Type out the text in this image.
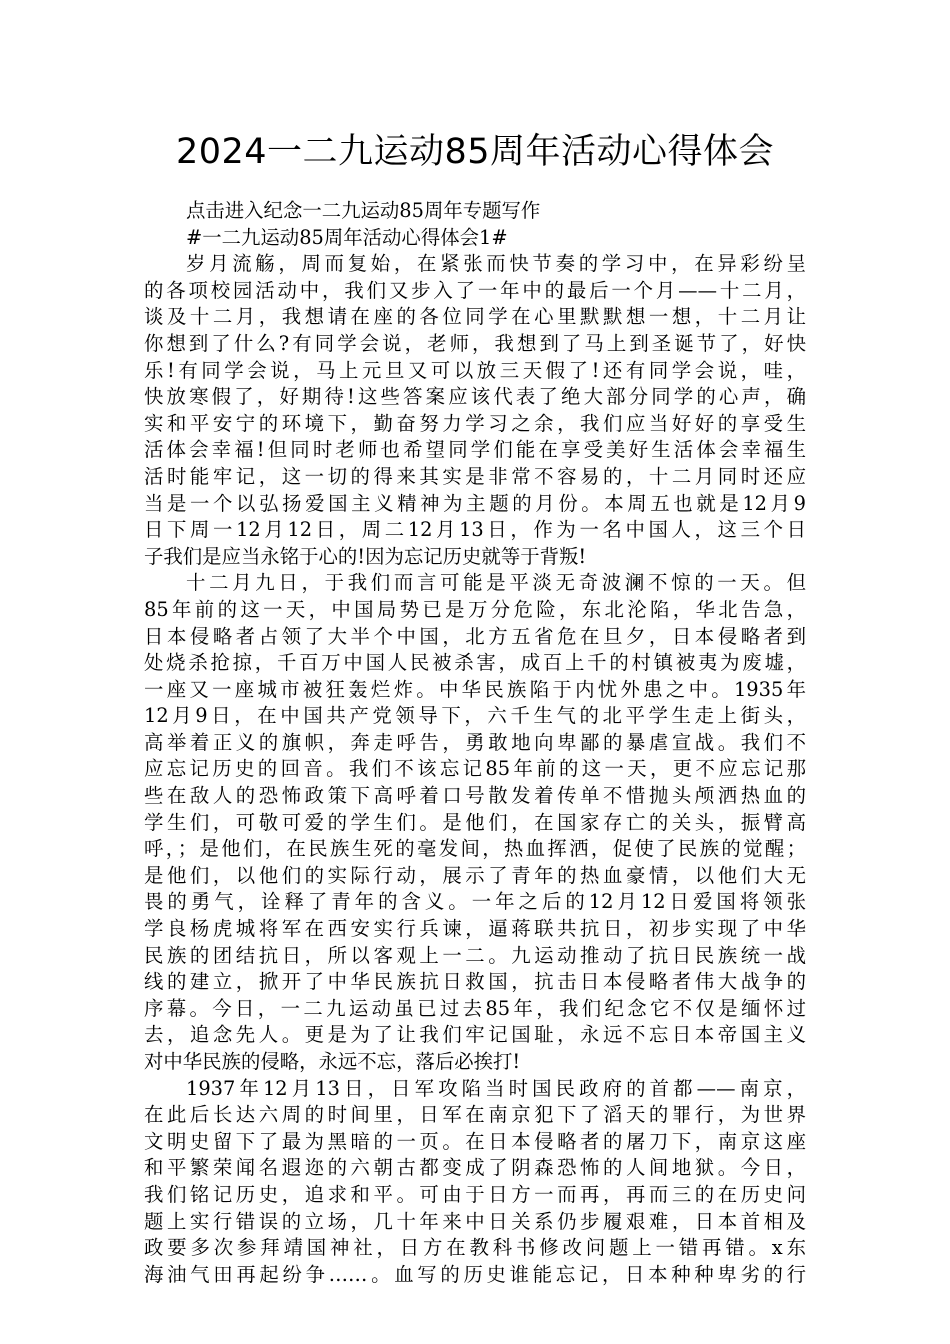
2024一二九运动85周年活动心得体会
点击进入纪念一二九运动85周年专题写作
#一二九运动85周年活动心得体会1#
岁月流觞，周而复始，在紧张而快节奏的学习中，在异彩纷呈
的各项校园活动中，我们又步入了一年中的最后一个月——十二月，
谈及十二月，我想请在座的各位同学在心里默默想一想，十二月让
你想到了什么?有同学会说，老师，我想到了马上到圣诞节了，好快
乐!有同学会说，马上元旦又可以放三天假了!还有同学会说，哇，
快放寒假了，好期待!这些答案应该代表了绝大部分同学的心声，确
实和平安宁的环境下，勤奋努力学习之余，我们应当好好的享受生
活体会幸福!但同时老师也希望同学们能在享受美好生活体会幸福生
活时能牢记，这一切的得来其实是非常不容易的，十二月同时还应
当是一个以弘扬爱国主义精神为主题的月份。本周五也就是12月9
日下周一12月12日，周二12月13日，作为一名中国人，这三个日
子我们是应当永铭于心的!因为忘记历史就等于背叛!
十二月九日，于我们而言可能是平淡无奇波澜不惊的一天。但
85年前的这一天，中国局势已是万分危险，东北沦陷，华北告急，
日本侵略者占领了大半个中国，北方五省危在旦夕，日本侵略者到
处烧杀抢掠，千百万中国人民被杀害，成百上千的村镇被夷为废墟，
一座又一座城市被狂轰烂炸。中华民族陷于内忧外患之中。1935年
12月9日，在中国共产党领导下，六千生气的北平学生走上街头，
高举着正义的旗帜，奔走呼告，勇敢地向卑鄙的暴虐宣战。我们不
应忘记历史的回音。我们不该忘记85年前的这一天，更不应忘记那
些在敌人的恐怖政策下高呼着口号散发着传单不惜抛头颅洒热血的
学生们，可敬可爱的学生们。是他们，在国家存亡的关头，振臂高
呼，；是他们，在民族生死的毫发间，热血挥洒，促使了民族的觉醒；
是他们，以他们的实际行动，展示了青年的热血豪情，以他们大无
畏的勇气，诠释了青年的含义。一年之后的12月12日爱国将领张
学良杨虎城将军在西安实行兵谏，逼蒋联共抗日，初步实现了中华
民族的团结抗日，所以客观上一二。九运动推动了抗日民族统一战
线的建立，掀开了中华民族抗日救国，抗击日本侵略者伟大战争的
序幕。今日，一二九运动虽已过去85年，我们纪念它不仅是缅怀过
去，追念先人。更是为了让我们牢记国耻，永远不忘日本帝国主义
对中华民族的侵略，永远不忘，落后必挨打!
1937年12月13日，日军攻陷当时国民政府的首都——南京，
在此后长达六周的时间里，日军在南京犯下了滔天的罪行，为世界
文明史留下了最为黑暗的一页。在日本侵略者的屠刀下，南京这座
和平繁荣闻名遐迩的六朝古都变成了阴森恐怖的人间地狱。今日，
我们铭记历史，追求和平。可由于日方一而再，再而三的在历史问
题上实行错误的立场，几十年来中日关系仍步履艰难，日本首相及
政要多次参拜靖国神社，日方在教科书修改问题上一错再错。x东
海油气田再起纷争……。血写的历史谁能忘记，日本种种卑劣的行
